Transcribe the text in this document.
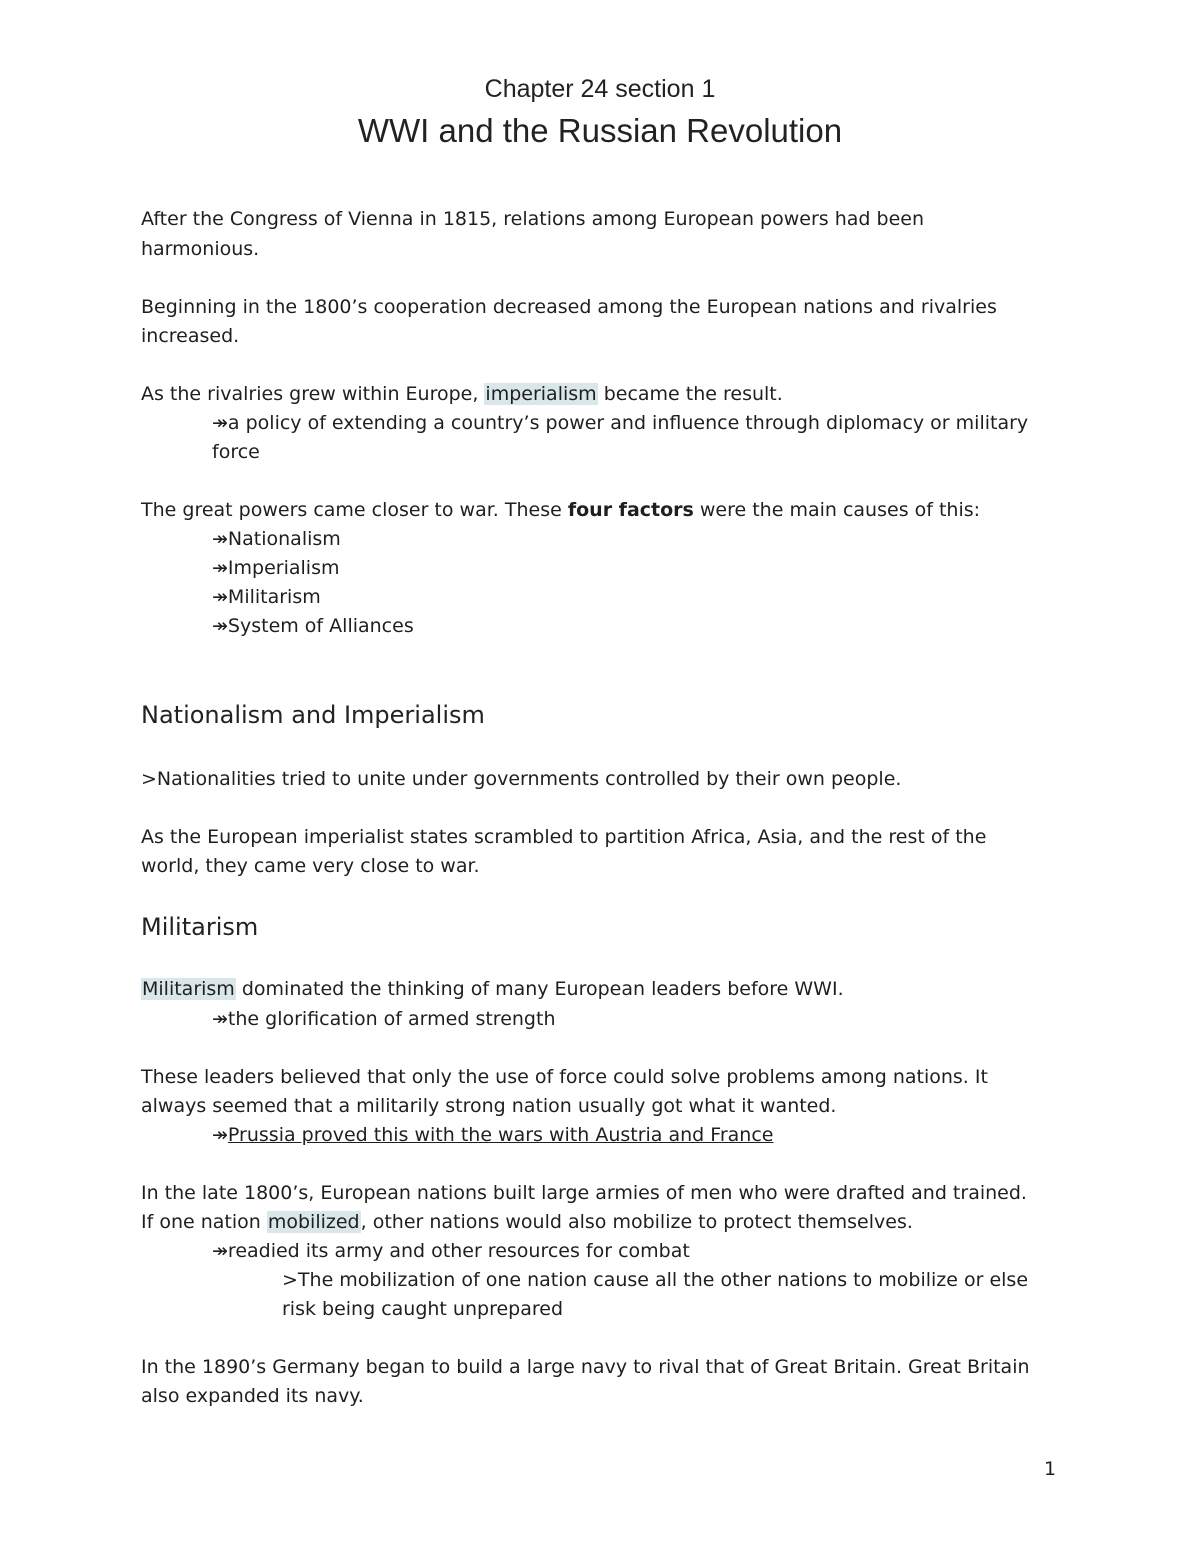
Chapter 24 section 1
WWI and the Russian Revolution
After the Congress of Vienna in 1815, relations among European powers had been
harmonious.
Beginning in the 1800’s cooperation decreased among the European nations and rivalries
increased.
As the rivalries grew within Europe, imperialism became the result.
↠a policy of extending a country’s power and influence through diplomacy or military
force
The great powers came closer to war. These four factors were the main causes of this:
↠Nationalism
↠Imperialism
↠Militarism
↠System of Alliances
Nationalism and Imperialism
>Nationalities tried to unite under governments controlled by their own people.
As the European imperialist states scrambled to partition Africa, Asia, and the rest of the
world, they came very close to war.
Militarism
Militarism dominated the thinking of many European leaders before WWI.
↠the glorification of armed strength
These leaders believed that only the use of force could solve problems among nations. It
always seemed that a militarily strong nation usually got what it wanted.
↠Prussia proved this with the wars with Austria and France
In the late 1800’s, European nations built large armies of men who were drafted and trained.
If one nation mobilized, other nations would also mobilize to protect themselves.
↠readied its army and other resources for combat
>The mobilization of one nation cause all the other nations to mobilize or else
risk being caught unprepared
In the 1890’s Germany began to build a large navy to rival that of Great Britain. Great Britain
also expanded its navy.
1
